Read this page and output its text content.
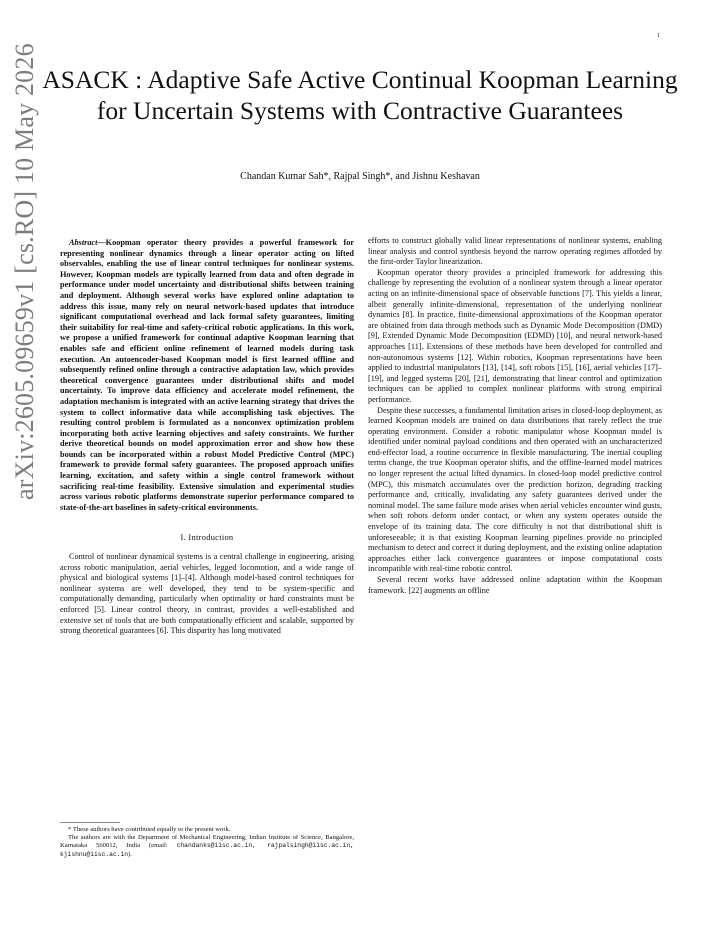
1
arXiv:2605.09659v1 [cs.RO] 10 May 2026 ASACK : Adaptive Safe Active Continual Koopman Learning for Uncertain Systems with Contractive Guarantees
Chandan Kumar Sah*, Rajpal Singh*, and Jishnu Keshavan

Abstract—Koopman operator theory provides a powerful framework for representing nonlinear dynamics through a linear operator acting on lifted observables, enabling the use of linear control techniques for nonlinear systems. However, Koopman models are typically learned from data and often degrade in performance under model uncertainty and distributional shifts between training and deployment. Although several works have explored online adaptation to address this issue, many rely on neural network-based updates that introduce significant computational overhead and lack formal safety guarantees, limiting their suitability for real-time and safety-critical robotic applications. In this work, we propose a unified framework for continual adaptive Koopman learning that enables safe and efficient online refinement of learned models during task execution. An autoencoder-based Koopman model is first learned offline and subsequently refined online through a contractive adaptation law, which provides theoretical convergence guarantees under distributional shifts and model uncertainty. To improve data efficiency and accelerate model refinement, the adaptation mechanism is integrated with an active learning strategy that drives the system to collect informative data while accomplishing task objectives. The resulting control problem is formulated as a nonconvex optimization problem incorporating both active learning objectives and safety constraints. We further derive theoretical bounds on model approximation error and show how these bounds can be incorporated within a robust Model Predictive Control (MPC) framework to provide formal safety guarantees. The proposed approach unifies learning, excitation, and safety within a single control framework without sacrificing real-time feasibility. Extensive simulation and experimental studies across various robotic platforms demonstrate superior performance compared to state-of-the-art baselines in safety-critical environments.

I. Introduction

Control of nonlinear dynamical systems is a central challenge in engineering, arising across robotic manipulation, aerial vehicles, legged locomotion, and a wide range of physical and biological systems [1]–[4]. Although model-based control techniques for nonlinear systems are well developed, they tend to be system-specific and computationally demanding, particularly when optimality or hard constraints must be enforced [5]. Linear control theory, in contrast, provides a well-established and extensive set of tools that are both computationally efficient and scalable, supported by strong theoretical guarantees [6]. This disparity has long motivated

* These authors have contributed equally to the present work.

The authors are with the Department of Mechanical Engineering, Indian Institute of Science, Bangalore, Karnataka 560012, India (email: chandanks@iisc.ac.in, rajpalsingh@iisc.ac.in, kjishnu@iisc.ac.in).

efforts to construct globally valid linear representations of nonlinear systems, enabling linear analysis and control synthesis beyond the narrow operating regimes afforded by the first-order Taylor linearization.

Koopman operator theory provides a principled framework for addressing this challenge by representing the evolution of a nonlinear system through a linear operator acting on an infinite-dimensional space of observable functions [7]. This yields a linear, albeit generally infinite-dimensional, representation of the underlying nonlinear dynamics [8]. In practice, finite-dimensional approximations of the Koopman operator are obtained from data through methods such as Dynamic Mode Decomposition (DMD) [9], Extended Dynamic Mode Decomposition (EDMD) [10], and neural network-based approaches [11]. Extensions of these methods have been developed for controlled and non-autonomous systems [12]. Within robotics, Koopman representations have been applied to industrial manipulators [13], [14], soft robots [15], [16], aerial vehicles [17]–[19], and legged systems [20], [21], demonstrating that linear control and optimization techniques can be applied to complex nonlinear platforms with strong empirical performance.

Despite these successes, a fundamental limitation arises in closed-loop deployment, as learned Koopman models are trained on data distributions that rarely reflect the true operating environment. Consider a robotic manipulator whose Koopman model is identified under nominal payload conditions and then operated with an uncharacterized end-effector load, a routine occurrence in flexible manufacturing. The inertial coupling terms change, the true Koopman operator shifts, and the offline-learned model matrices no longer represent the actual lifted dynamics. In closed-loop model predictive control (MPC), this mismatch accumulates over the prediction horizon, degrading tracking performance and, critically, invalidating any safety guarantees derived under the nominal model. The same failure mode arises when aerial vehicles encounter wind gusts, when soft robots deform under contact, or when any system operates outside the envelope of its training data. The core difficulty is not that distributional shift is unforeseeable; it is that existing Koopman learning pipelines provide no principled mechanism to detect and correct it during deployment, and the existing online adaptation approaches either lack convergence guarantees or impose computational costs incompatible with real-time robotic control.

Several recent works have addressed online adaptation within the Koopman framework. [22] augments an offline
